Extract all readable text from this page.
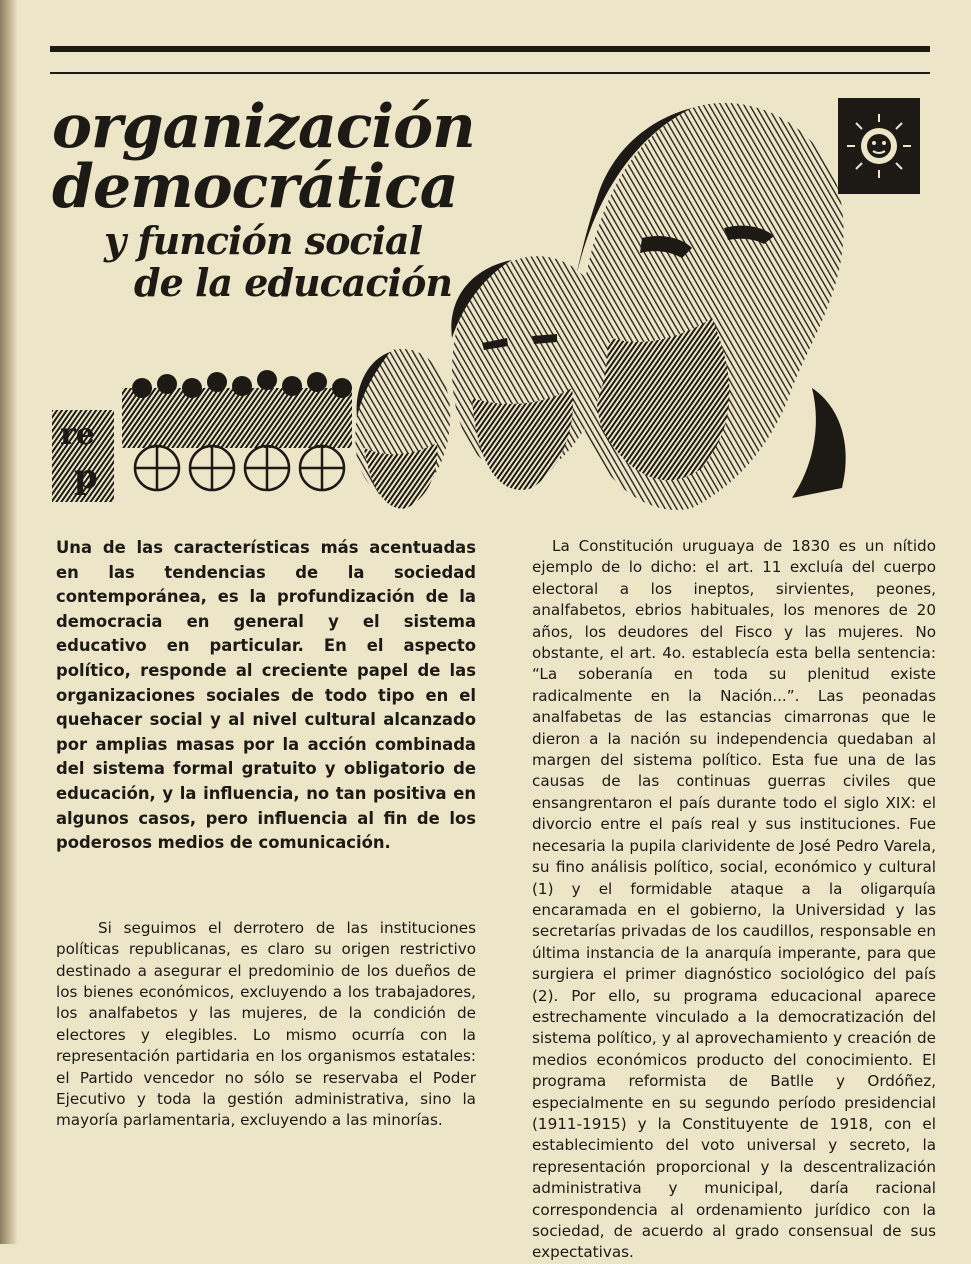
re
p
organización
democrática
y función social
de la educación

Una de las características más acentuadas en las tendencias de la sociedad contemporánea, es la profundización de la democracia en general y el sistema educativo en particular. En el aspecto político, responde al creciente papel de las organizaciones sociales de todo tipo en el quehacer social y al nivel cultural alcanzado por amplias masas por la acción combinada del sistema formal gratuito y obligatorio de educación, y la influencia, no tan positiva en algunos casos, pero influencia al fin de los poderosos medios de comunicación.

Si seguimos el derrotero de las instituciones políticas republicanas, es claro su origen restrictivo destinado a asegurar el predominio de los dueños de los bienes económicos, excluyendo a los trabajadores, los analfabetos y las mujeres, de la condición de electores y elegibles. Lo mismo ocurría con la representación partidaria en los organismos estatales: el Partido vencedor no sólo se reservaba el Poder Ejecutivo y toda la gestión administrativa, sino la mayoría parlamentaria, excluyendo a las minorías.

La Constitución uruguaya de 1830 es un nítido ejemplo de lo dicho: el art. 11 excluía del cuerpo electoral a los ineptos, sirvientes, peones, analfabetos, ebrios habituales, los menores de 20 años, los deudores del Fisco y las mujeres. No obstante, el art. 4o. establecía esta bella sentencia: “La soberanía en toda su plenitud existe radicalmente en la Nación...”. Las peonadas analfabetas de las estancias cimarronas que le dieron a la nación su independencia quedaban al margen del sistema político. Esta fue una de las causas de las continuas guerras civiles que ensangrentaron el país durante todo el siglo XIX: el divorcio entre el país real y sus instituciones. Fue necesaria la pupila clarividente de José Pedro Varela, su fino análisis político, social, económico y cultural (1) y el formidable ataque a la oligarquía encaramada en el gobierno, la Universidad y las secretarías privadas de los caudillos, responsable en última instancia de la anarquía imperante, para que surgiera el primer diagnóstico sociológico del país (2). Por ello, su programa educacional aparece estrechamente vinculado a la democratización del sistema político, y al aprovechamiento y creación de medios económicos producto del conocimiento. El programa reformista de Batlle y Ordóñez, especialmente en su segundo período presidencial (1911-1915) y la Constituyente de 1918, con el establecimiento del voto universal y secreto, la representación proporcional y la descentralización administrativa y municipal, daría racional correspondencia al ordenamiento jurídico con la sociedad, de acuerdo al grado consensual de sus expectativas.
